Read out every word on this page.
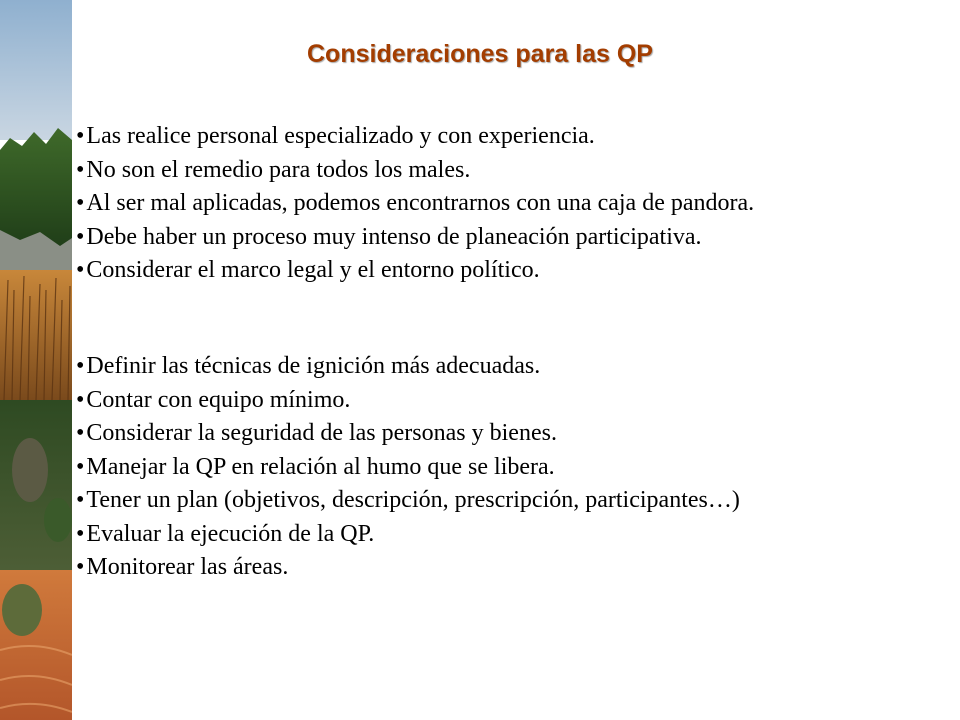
Consideraciones para las QP
• Las realice personal especializado y con experiencia.
• No son el remedio para todos los males.
• Al ser mal aplicadas, podemos encontrarnos con una caja de pandora.
• Debe haber un proceso muy intenso de planeación participativa.
• Considerar el marco legal y el entorno político.
• Definir las técnicas de ignición más adecuadas.
• Contar con equipo mínimo.
• Considerar la seguridad de las personas y bienes.
• Manejar la QP en relación al humo que se libera.
• Tener un plan (objetivos, descripción, prescripción, participantes…)
• Evaluar la ejecución de la QP.
• Monitorear las áreas.
